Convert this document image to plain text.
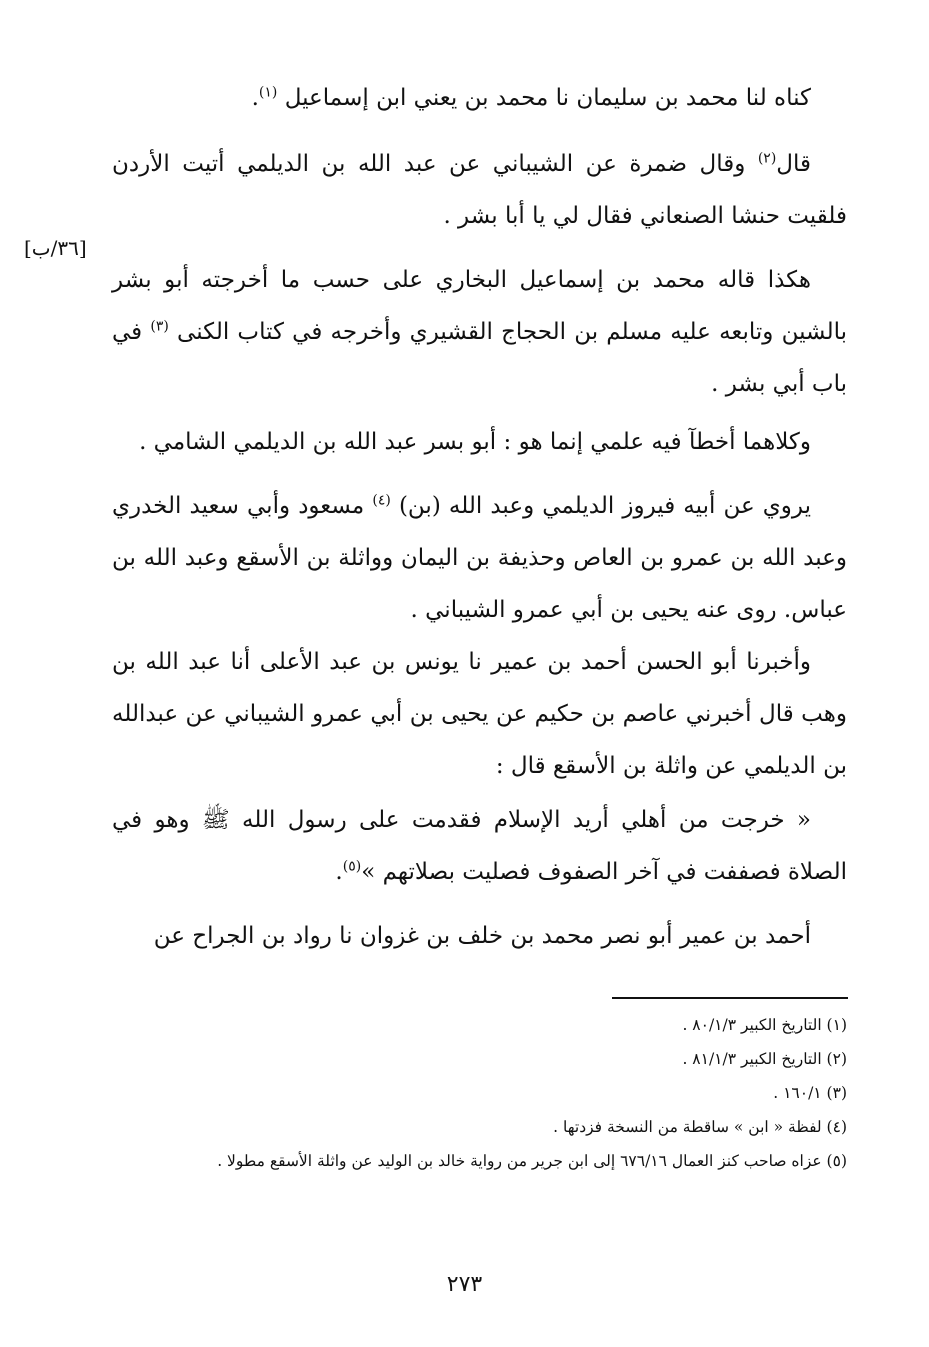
[٣٦/ب]

كناه لنا محمد بن سليمان نا محمد بن يعني ابن إسماعيل $^{(١)}$.

قال$^{(٢)}$ وقال ضمرة عن الشيباني عن عبد الله بن الديلمي أتيت الأردن فلقيت حنشا الصنعاني فقال لي يا أبا بشر .

هكذا قاله محمد بن إسماعيل البخاري على حسب ما أخرجته أبو بشر بالشين وتابعه عليه مسلم بن الحجاج القشيري وأخرجه في كتاب الكنى $^{(٣)}$ في باب أبي بشر .

وكلاهما أخطآ فيه علمي إنما هو : أبو بسر عبد الله بن الديلمي الشامي .

يروي عن أبيه فيروز الديلمي وعبد الله (بن) $^{(٤)}$ مسعود وأبي سعيد الخدري وعبد الله بن عمرو بن العاص وحذيفة بن اليمان وواثلة بن الأسقع وعبد الله بن عباس. روى عنه يحيى بن أبي عمرو الشيباني .

وأخبرنا أبو الحسن أحمد بن عمير نا يونس بن عبد الأعلى أنا عبد الله بن وهب قال أخبرني عاصم بن حكيم عن يحيى بن أبي عمرو الشيباني عن عبدالله بن الديلمي عن واثلة بن الأسقع قال :

« خرجت من أهلي أريد الإسلام فقدمت على رسول الله ﷺ وهو في الصلاة فصففت في آخر الصفوف فصليت بصلاتهم »$^{(٥)}$.

أحمد بن عمير أبو نصر محمد بن خلف بن غزوان نا رواد بن الجراح عن

(١) التاريخ الكبير ٨٠/١/٣ .

(٢) التاريخ الكبير ٨١/١/٣ .

(٣) ١٦٠/١ .

(٤) لفظة « ابن » ساقطة من النسخة فزدتها .

(٥) عزاه صاحب كنز العمال ٦٧٦/١٦ إلى ابن جرير من رواية خالد بن الوليد عن واثلة الأسقع مطولا .

٢٧٣
